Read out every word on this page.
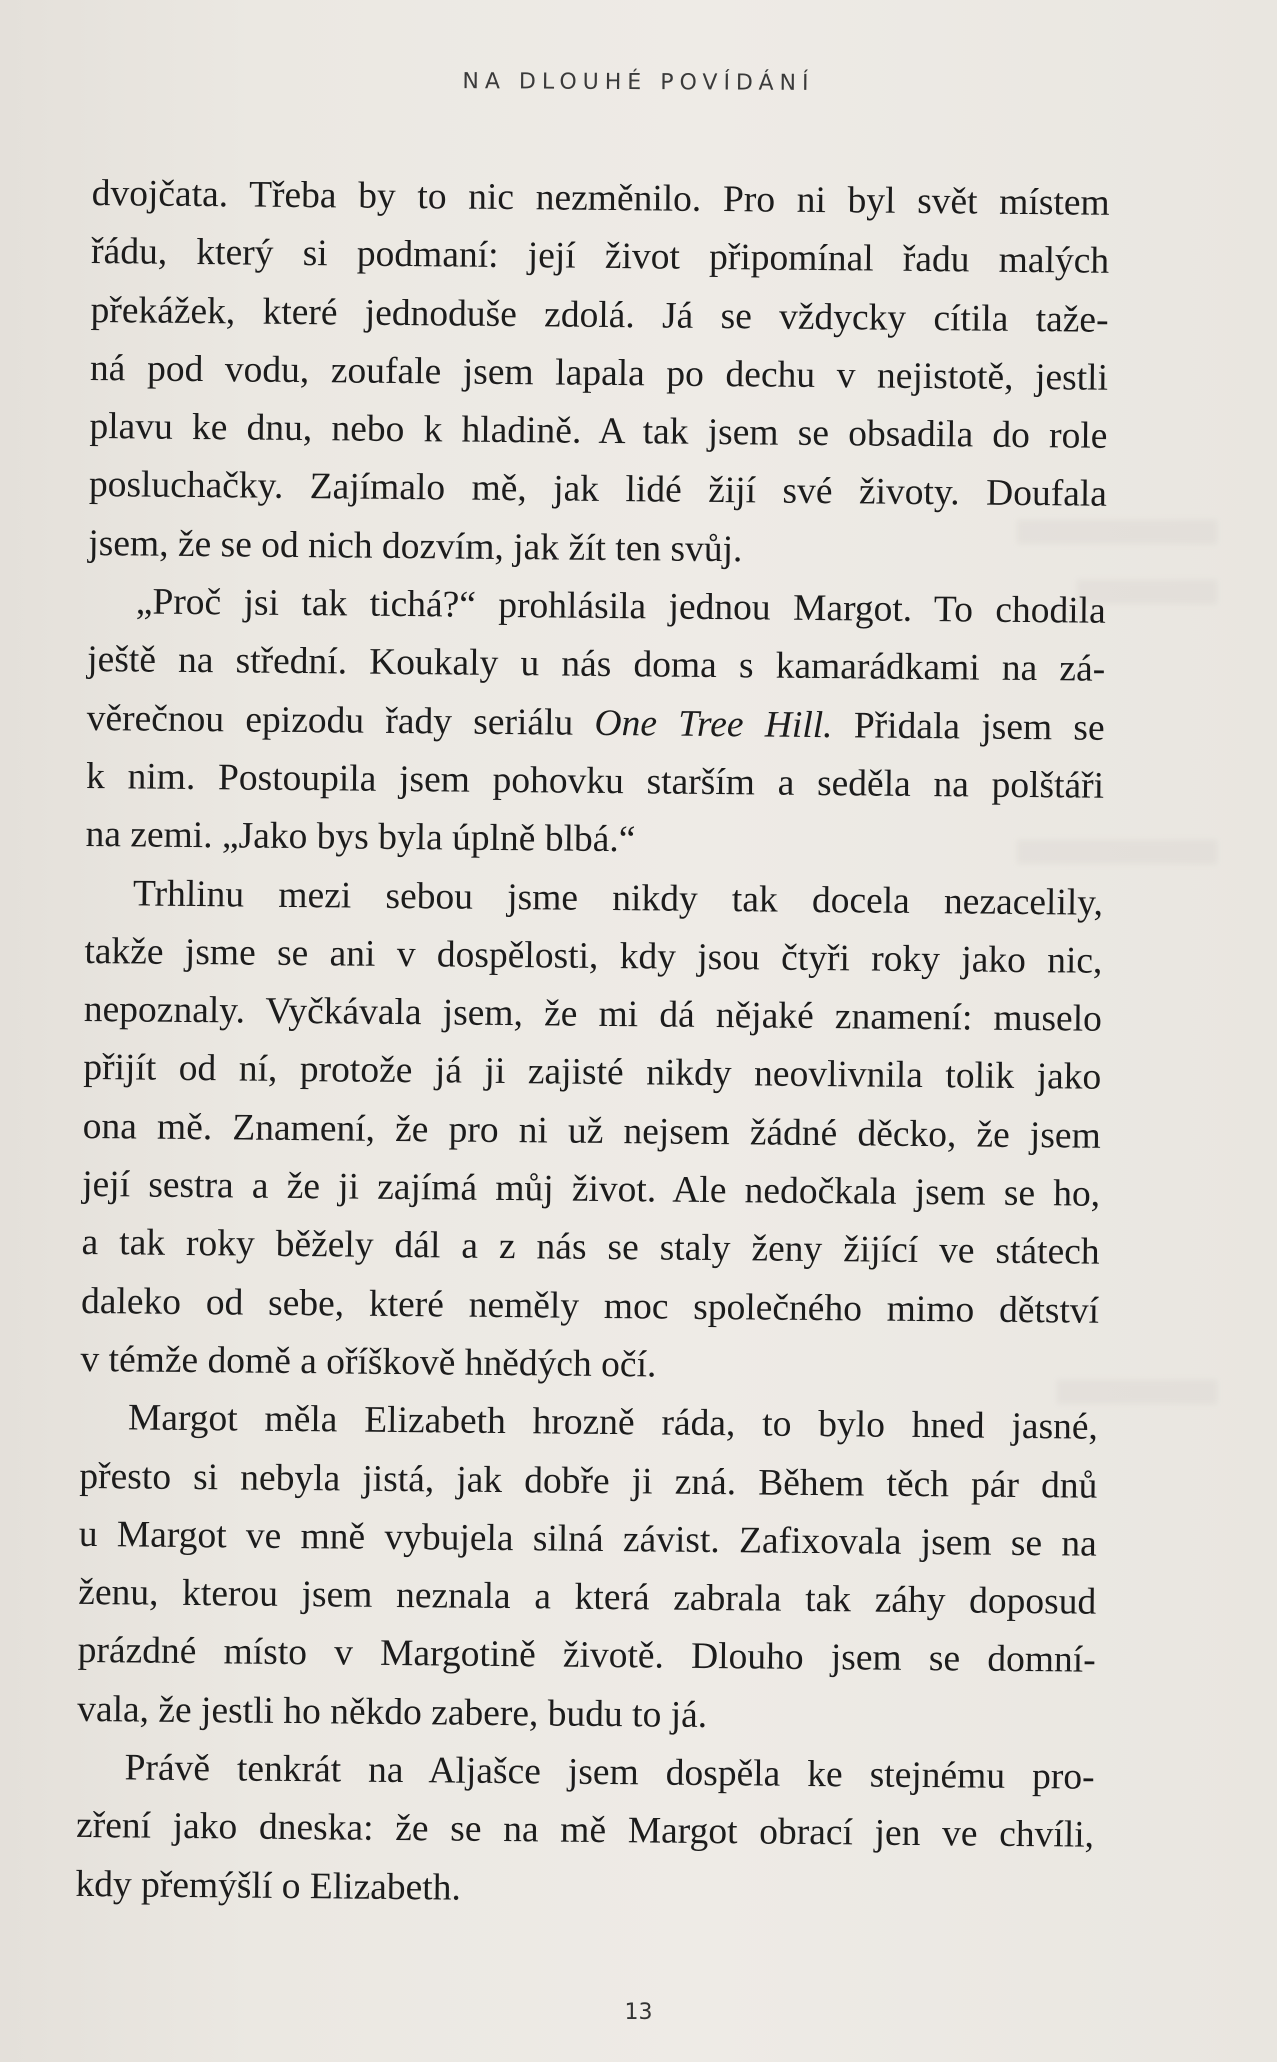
NA DLOUHÉ POVÍDÁNÍ
dvojčata. Třeba by to nic nezměnilo. Pro ni byl svět místem
řádu, který si podmaní: její život připomínal řadu malých
překážek, které jednoduše zdolá. Já se vždycky cítila taže-
ná pod vodu, zoufale jsem lapala po dechu v nejistotě, jestli
plavu ke dnu, nebo k hladině. A tak jsem se obsadila do role
posluchačky. Zajímalo mě, jak lidé žijí své životy. Doufala
jsem, že se od nich dozvím, jak žít ten svůj.
„Proč jsi tak tichá?“ prohlásila jednou Margot. To chodila
ještě na střední. Koukaly u nás doma s kamarádkami na zá-
věrečnou epizodu řady seriálu One Tree Hill. Přidala jsem se
k nim. Postoupila jsem pohovku starším a seděla na polštáři
na zemi. „Jako bys byla úplně blbá.“
Trhlinu mezi sebou jsme nikdy tak docela nezacelily,
takže jsme se ani v dospělosti, kdy jsou čtyři roky jako nic,
nepoznaly. Vyčkávala jsem, že mi dá nějaké znamení: muselo
přijít od ní, protože já ji zajisté nikdy neovlivnila tolik jako
ona mě. Znamení, že pro ni už nejsem žádné děcko, že jsem
její sestra a že ji zajímá můj život. Ale nedočkala jsem se ho,
a tak roky běžely dál a z nás se staly ženy žijící ve státech
daleko od sebe, které neměly moc společného mimo dětství
v témže domě a oříškově hnědých očí.
Margot měla Elizabeth hrozně ráda, to bylo hned jasné,
přesto si nebyla jistá, jak dobře ji zná. Během těch pár dnů
u Margot ve mně vybujela silná závist. Zafixovala jsem se na
ženu, kterou jsem neznala a která zabrala tak záhy doposud
prázdné místo v Margotině životě. Dlouho jsem se domní-
vala, že jestli ho někdo zabere, budu to já.
Právě tenkrát na Aljašce jsem dospěla ke stejnému pro-
zření jako dneska: že se na mě Margot obrací jen ve chvíli,
kdy přemýšlí o Elizabeth.
13
